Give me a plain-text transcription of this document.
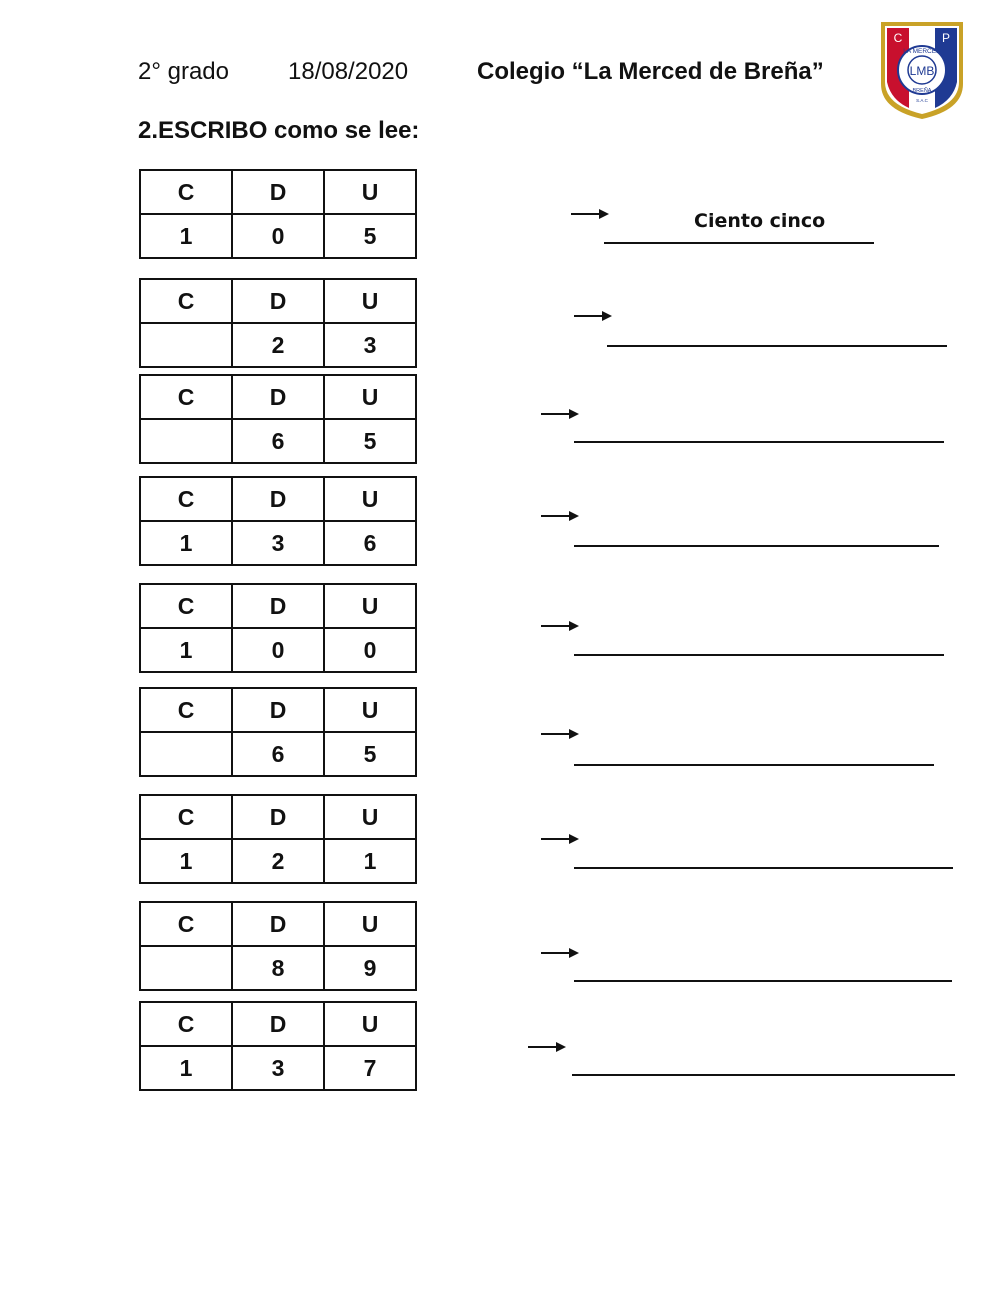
2° grado 18/08/2020	Colegio “La Merced de Breña”
C	P
LA MERCED
LMB
BREÑA
S.A.C
2.ESCRIBO como se lee:
C	D	U
1	0	5
C	D	U
	2	3
C	D	U
	6	5
C	D	U
1	3	6
C	D	U
1	0	0
C	D	U
	6	5
C	D	U
1	2	1
C	D	U
	8	9
C	D	U
1	3	7
Ciento cinco
